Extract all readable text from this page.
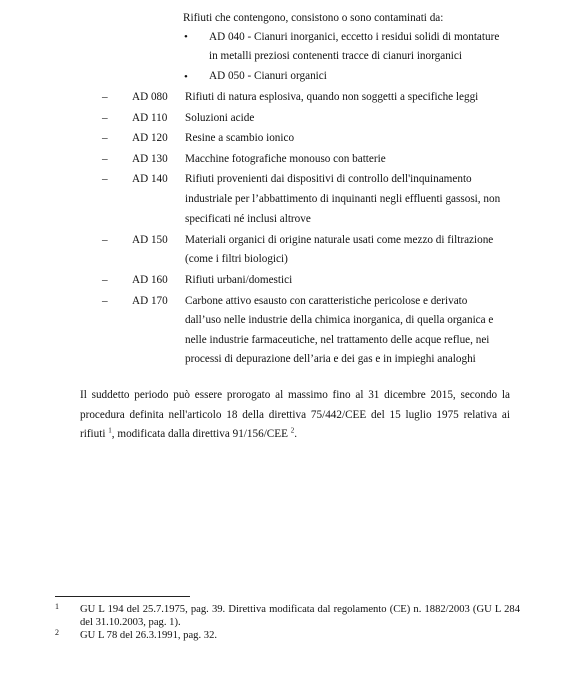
Rifiuti che contengono, consistono o sono contaminati da:
• AD 040 - Cianuri inorganici, eccetto i residui solidi di montature
in metalli preziosi contenenti tracce di cianuri inorganici
• AD 050 - Cianuri organici
– AD 080 Rifiuti di natura esplosiva, quando non soggetti a specifiche leggi
– AD 110 Soluzioni acide
– AD 120 Resine a scambio ionico
– AD 130 Macchine fotografiche monouso con batterie
– AD 140 Rifiuti provenienti dai dispositivi di controllo dell'inquinamento
industriale per l’abbattimento di inquinanti negli effluenti gassosi, non
specificati né inclusi altrove
– AD 150 Materiali organici di origine naturale usati come mezzo di filtrazione
(come i filtri biologici)
– AD 160 Rifiuti urbani/domestici
– AD 170 Carbone attivo esausto con caratteristiche pericolose e derivato
dall’uso nelle industrie della chimica inorganica, di quella organica e
nelle industrie farmaceutiche, nel trattamento delle acque reflue, nei
processi di depurazione dell’aria e dei gas e in impieghi analoghi
Il suddetto periodo può essere prorogato al massimo fino al 31 dicembre 2015, secondo la procedura definita nell'articolo 18 della direttiva 75/442/CEE del 15 luglio 1975 relativa ai rifiuti $^1$, modificata dalla direttiva 91/156/CEE $^2$.
1 GU L 194 del 25.7.1975, pag. 39. Direttiva modificata dal regolamento (CE) n. 1882/2003 (GU L 284 del 31.10.2003, pag. 1).
2 GU L 78 del 26.3.1991, pag. 32.
